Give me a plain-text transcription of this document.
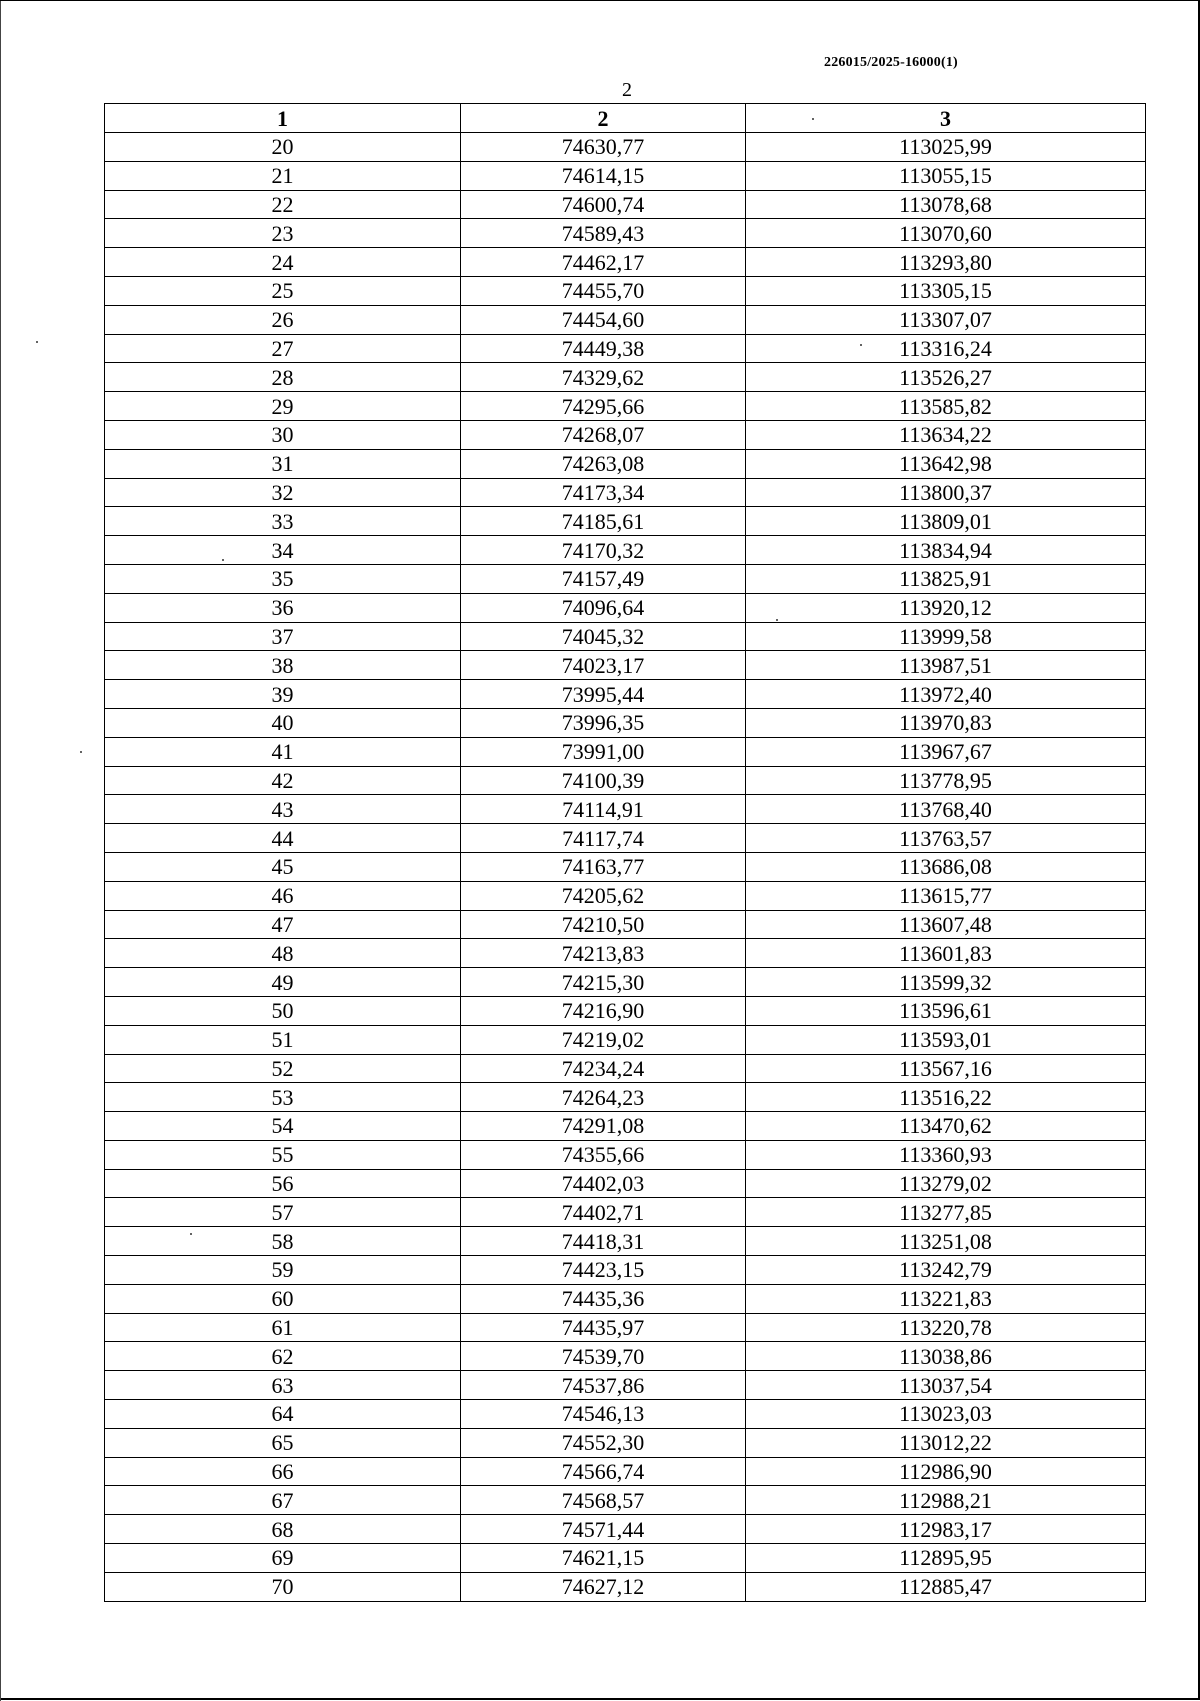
226015/2025-16000(1)
2
1	2	3
20	74630,77	113025,99
21	74614,15	113055,15
22	74600,74	113078,68
23	74589,43	113070,60
24	74462,17	113293,80
25	74455,70	113305,15
26	74454,60	113307,07
27	74449,38	113316,24
28	74329,62	113526,27
29	74295,66	113585,82
30	74268,07	113634,22
31	74263,08	113642,98
32	74173,34	113800,37
33	74185,61	113809,01
34	74170,32	113834,94
35	74157,49	113825,91
36	74096,64	113920,12
37	74045,32	113999,58
38	74023,17	113987,51
39	73995,44	113972,40
40	73996,35	113970,83
41	73991,00	113967,67
42	74100,39	113778,95
43	74114,91	113768,40
44	74117,74	113763,57
45	74163,77	113686,08
46	74205,62	113615,77
47	74210,50	113607,48
48	74213,83	113601,83
49	74215,30	113599,32
50	74216,90	113596,61
51	74219,02	113593,01
52	74234,24	113567,16
53	74264,23	113516,22
54	74291,08	113470,62
55	74355,66	113360,93
56	74402,03	113279,02
57	74402,71	113277,85
58	74418,31	113251,08
59	74423,15	113242,79
60	74435,36	113221,83
61	74435,97	113220,78
62	74539,70	113038,86
63	74537,86	113037,54
64	74546,13	113023,03
65	74552,30	113012,22
66	74566,74	112986,90
67	74568,57	112988,21
68	74571,44	112983,17
69	74621,15	112895,95
70	74627,12	112885,47
